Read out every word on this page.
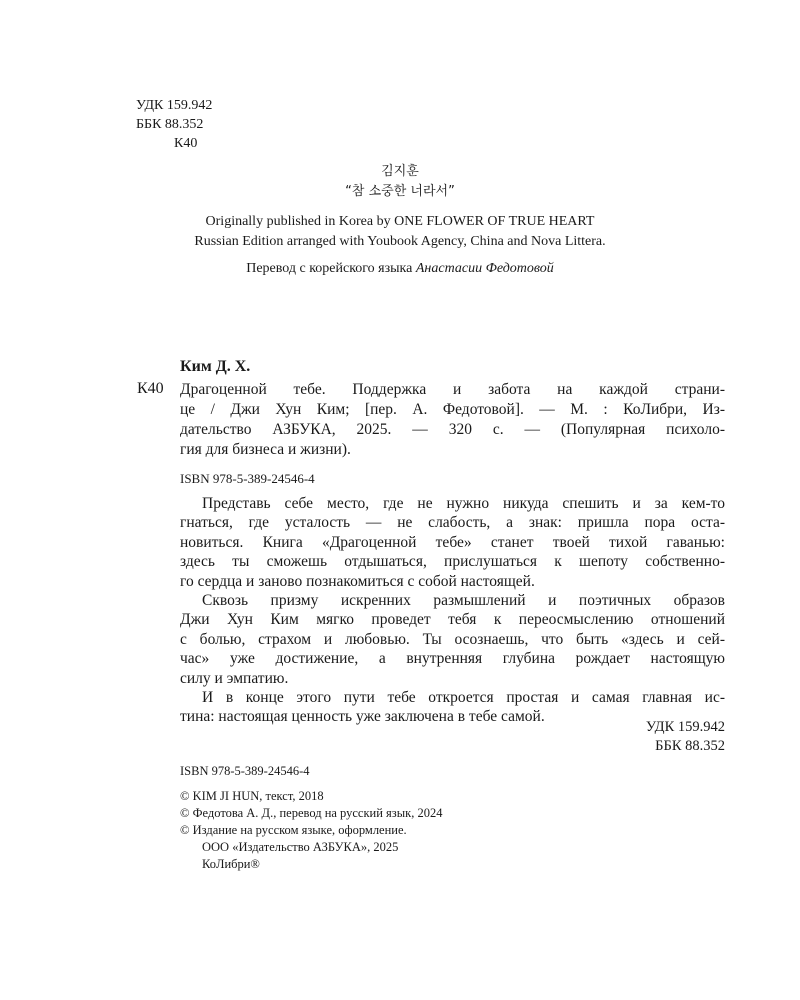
УДК 159.942
ББК 88.352
К40
김지훈
“참 소중한 너라서”
Originally published in Korea by ONE FLOWER OF TRUE HEART
Russian Edition arranged with Youbook Agency, China and Nova Littera.
Перевод с корейского языка Анастасии Федотовой
Ким Д. Х.
К40 Драгоценной тебе. Поддержка и забота на каждой страни-
це / Джи Хун Ким; [пер. А. Федотовой]. — М. : КоЛибри, Из-
дательство АЗБУКА, 2025. — 320 с. — (Популярная психоло-
гия для бизнеса и жизни).
ISBN 978-5-389-24546-4
Представь себе место, где не нужно никуда спешить и за кем-то
гнаться, где усталость — не слабость, а знак: пришла пора оста-
новиться. Книга «Драгоценной тебе» станет твоей тихой гаванью:
здесь ты сможешь отдышаться, прислушаться к шепоту собственно-
го сердца и заново познакомиться с собой настоящей.
Сквозь призму искренних размышлений и поэтичных образов
Джи Хун Ким мягко проведет тебя к переосмыслению отношений
с болью, страхом и любовью. Ты осознаешь, что быть «здесь и сей-
час» уже достижение, а внутренняя глубина рождает настоящую
силу и эмпатию.
И в конце этого пути тебе откроется простая и самая главная ис-
тина: настоящая ценность уже заключена в тебе самой.
УДК 159.942
ББК 88.352
ISBN 978-5-389-24546-4
© KIM JI HUN, текст, 2018
© Федотова А. Д., перевод на русский язык, 2024
© Издание на русском языке, оформление.
ООО «Издательство АЗБУКА», 2025
КоЛибри®
